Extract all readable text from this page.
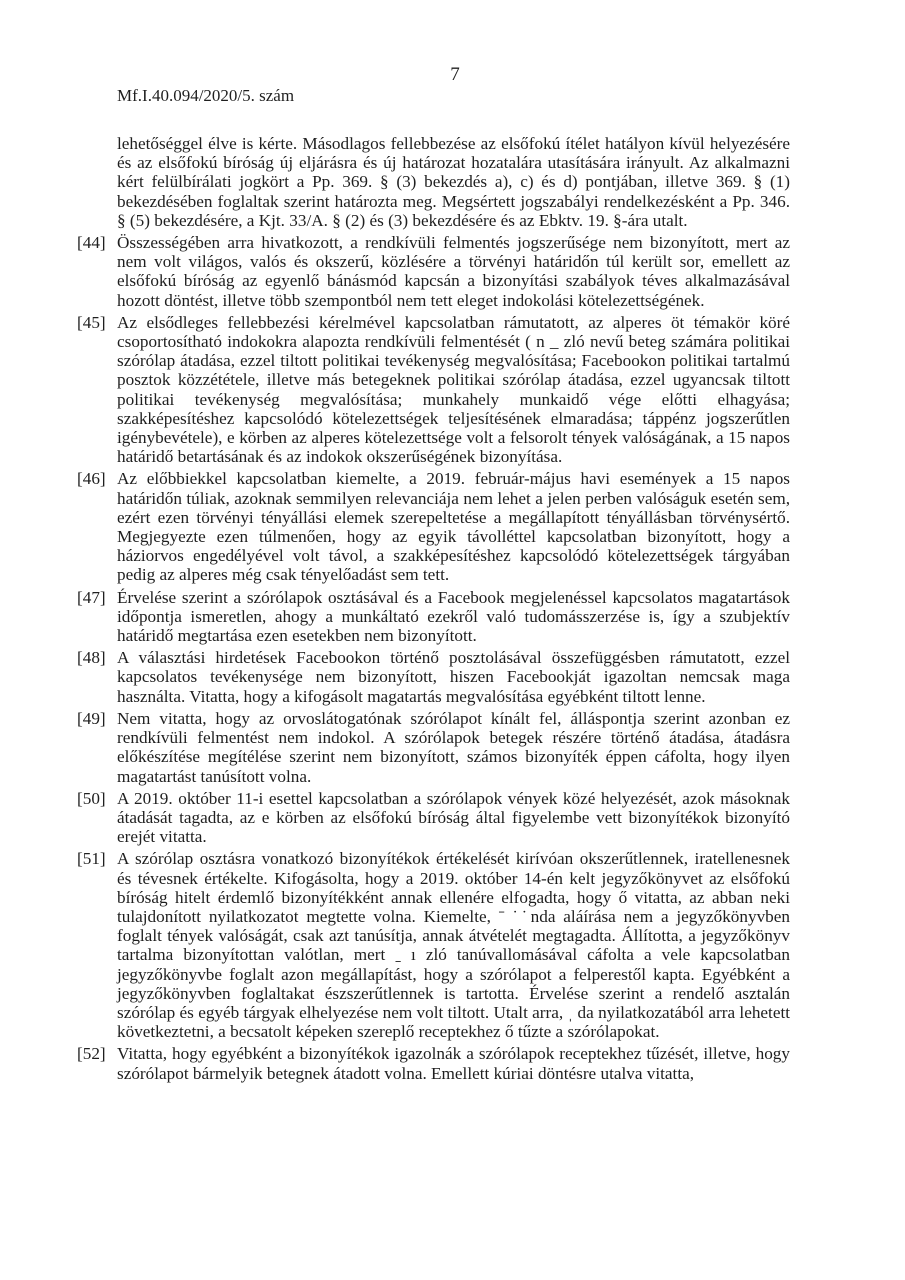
7
Mf.I.40.094/2020/5. szám
lehetőséggel élve is kérte. Másodlagos fellebbezése az elsőfokú ítélet hatályon kívül helyezésére és az elsőfokú bíróság új eljárásra és új határozat hozatalára utasítására irányult. Az alkalmazni kért felülbírálati jogkört a Pp. 369. § (3) bekezdés a), c) és d) pontjában, illetve 369. § (1) bekezdésében foglaltak szerint határozta meg. Megsértett jogszabályi rendelkezésként a Pp. 346. § (5) bekezdésére, a Kjt. 33/A. § (2) és (3) bekezdésére és az Ebktv. 19. §-ára utalt.
[44] Összességében arra hivatkozott, a rendkívüli felmentés jogszerűsége nem bizonyított, mert az nem volt világos, valós és okszerű, közlésére a törvényi határidőn túl került sor, emellett az elsőfokú bíróság az egyenlő bánásmód kapcsán a bizonyítási szabályok téves alkalmazásával hozott döntést, illetve több szempontból nem tett eleget indokolási kötelezettségének.
[45] Az elsődleges fellebbezési kérelmével kapcsolatban rámutatott, az alperes öt témakör köré csoportosítható indokokra alapozta rendkívüli felmentését ( n _ zló nevű beteg számára politikai szórólap átadása, ezzel tiltott politikai tevékenység megvalósítása; Facebookon politikai tartalmú posztok közzététele, illetve más betegeknek politikai szórólap átadása, ezzel ugyancsak tiltott politikai tevékenység megvalósítása; munkahely munkaidő vége előtti elhagyása; szakképesítéshez kapcsolódó kötelezettségek teljesítésének elmaradása; táppénz jogszerűtlen igénybevétele), e körben az alperes kötelezettsége volt a felsorolt tények valóságának, a 15 napos határidő betartásának és az indokok okszerűségének bizonyítása.
[46] Az előbbiekkel kapcsolatban kiemelte, a 2019. február-május havi események a 15 napos határidőn túliak, azoknak semmilyen relevanciája nem lehet a jelen perben valóságuk esetén sem, ezért ezen törvényi tényállási elemek szerepeltetése a megállapított tényállásban törvénysértő. Megjegyezte ezen túlmenően, hogy az egyik távolléttel kapcsolatban bizonyított, hogy a háziorvos engedélyével volt távol, a szakképesítéshez kapcsolódó kötelezettségek tárgyában pedig az alperes még csak tényelőadást sem tett.
[47] Érvelése szerint a szórólapok osztásával és a Facebook megjelenéssel kapcsolatos magatartások időpontja ismeretlen, ahogy a munkáltató ezekről való tudomásszerzése is, így a szubjektív határidő megtartása ezen esetekben nem bizonyított.
[48] A választási hirdetések Facebookon történő posztolásával összefüggésben rámutatott, ezzel kapcsolatos tevékenysége nem bizonyított, hiszen Facebookját igazoltan nemcsak maga használta. Vitatta, hogy a kifogásolt magatartás megvalósítása egyébként tiltott lenne.
[49] Nem vitatta, hogy az orvoslátogatónak szórólapot kínált fel, álláspontja szerint azonban ez rendkívüli felmentést nem indokol. A szórólapok betegek részére történő átadása, átadásra előkészítése megítélése szerint nem bizonyított, számos bizonyíték éppen cáfolta, hogy ilyen magatartást tanúsított volna.
[50] A 2019. október 11-i esettel kapcsolatban a szórólapok vények közé helyezését, azok másoknak átadását tagadta, az e körben az elsőfokú bíróság által figyelembe vett bizonyítékok bizonyító erejét vitatta.
[51] A szórólap osztásra vonatkozó bizonyítékok értékelését kirívóan okszerűtlennek, iratellenesnek és tévesnek értékelte. Kifogásolta, hogy a 2019. október 14-én kelt jegyzőkönyvet az elsőfokú bíróság hitelt érdemlő bizonyítékként annak ellenére elfogadta, hogy ő vitatta, az abban neki tulajdonított nyilatkozatot megtette volna. Kiemelte, ˉ ˙˙nda aláírása nem a jegyzőkönyvben foglalt tények valóságát, csak azt tanúsítja, annak átvételét megtagadta. Állította, a jegyzőkönyv tartalma bizonyítottan valótlan, mert ˍ ı zló tanúvallomásával cáfolta a vele kapcsolatban jegyzőkönyvbe foglalt azon megállapítást, hogy a szórólapot a felperestől kapta. Egyébként a jegyzőkönyvben foglaltakat észszerűtlennek is tartotta. Érvelése szerint a rendelő asztalán szórólap és egyéb tárgyak elhelyezése nem volt tiltott. Utalt arra, ˌ da nyilatkozatából arra lehetett következtetni, a becsatolt képeken szereplő receptekhez ő tűzte a szórólapokat.
[52] Vitatta, hogy egyébként a bizonyítékok igazolnák a szórólapok receptekhez tűzését, illetve, hogy szórólapot bármelyik betegnek átadott volna. Emellett kúriai döntésre utalva vitatta,
